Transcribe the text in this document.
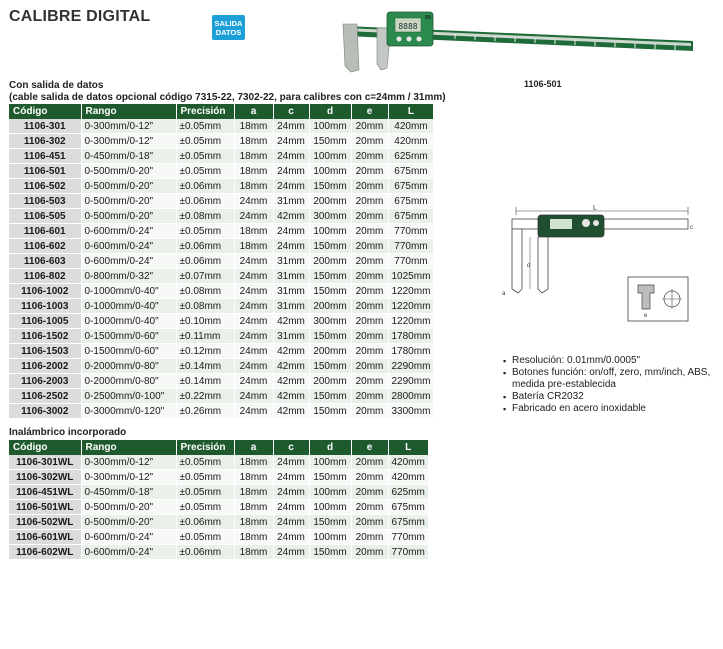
CALIBRE DIGITAL	SALIDA
DATOS
8888
1106-501
Con salida de datos
(cable salida de datos opcional código 7315-22, 7302-22, para calibres con c=24mm / 31mm)
Código	Rango	Precisión	a	c	d	e	L
1106-301	0-300mm/0-12"	±0.05mm	18mm	24mm	100mm	20mm	420mm
1106-302	0-300mm/0-12"	±0.05mm	18mm	24mm	150mm	20mm	420mm
1106-451	0-450mm/0-18"	±0.05mm	18mm	24mm	100mm	20mm	625mm
1106-501	0-500mm/0-20"	±0.05mm	18mm	24mm	100mm	20mm	675mm
1106-502	0-500mm/0-20"	±0.06mm	18mm	24mm	150mm	20mm	675mm
1106-503	0-500mm/0-20"	±0.06mm	24mm	31mm	200mm	20mm	675mm
1106-505	0-500mm/0-20"	±0.08mm	24mm	42mm	300mm	20mm	675mm
1106-601	0-600mm/0-24"	±0.05mm	18mm	24mm	100mm	20mm	770mm
1106-602	0-600mm/0-24"	±0.06mm	18mm	24mm	150mm	20mm	770mm
1106-603	0-600mm/0-24"	±0.06mm	24mm	31mm	200mm	20mm	770mm
1106-802	0-800mm/0-32"	±0.07mm	24mm	31mm	150mm	20mm	1025mm
1106-1002	0-1000mm/0-40"	±0.08mm	24mm	31mm	150mm	20mm	1220mm
1106-1003	0-1000mm/0-40"	±0.08mm	24mm	31mm	200mm	20mm	1220mm
1106-1005	0-1000mm/0-40"	±0.10mm	24mm	42mm	300mm	20mm	1220mm
1106-1502	0-1500mm/0-60"	±0.11mm	24mm	31mm	150mm	20mm	1780mm
1106-1503	0-1500mm/0-60"	±0.12mm	24mm	42mm	200mm	20mm	1780mm
1106-2002	0-2000mm/0-80"	±0.14mm	24mm	42mm	150mm	20mm	2290mm
1106-2003	0-2000mm/0-80"	±0.14mm	24mm	42mm	200mm	20mm	2290mm
1106-2502	0-2500mm/0-100"	±0.22mm	24mm	42mm	150mm	20mm	2800mm
1106-3002	0-3000mm/0-120"	±0.26mm	24mm	42mm	150mm	20mm	3300mm
Inalámbrico incorporado
Código	Rango	Precisión	a	c	d	e	L
1106-301WL	0-300mm/0-12"	±0.05mm	18mm	24mm	100mm	20mm	420mm
1106-302WL	0-300mm/0-12"	±0.05mm	18mm	24mm	150mm	20mm	420mm
1106-451WL	0-450mm/0-18"	±0.05mm	18mm	24mm	100mm	20mm	625mm
1106-501WL	0-500mm/0-20"	±0.05mm	18mm	24mm	100mm	20mm	675mm
1106-502WL	0-500mm/0-20"	±0.06mm	18mm	24mm	150mm	20mm	675mm
1106-601WL	0-600mm/0-24"	±0.05mm	18mm	24mm	100mm	20mm	770mm
1106-602WL	0-600mm/0-24"	±0.06mm	18mm	24mm	150mm	20mm	770mm
L
d
c
a
e
▪ Resolución: 0.01mm/0.0005"
▪ Botones función: on/off, zero, mm/inch, ABS, medida pre-establecida
▪ Batería CR2032
▪ Fabricado en acero inoxidable
